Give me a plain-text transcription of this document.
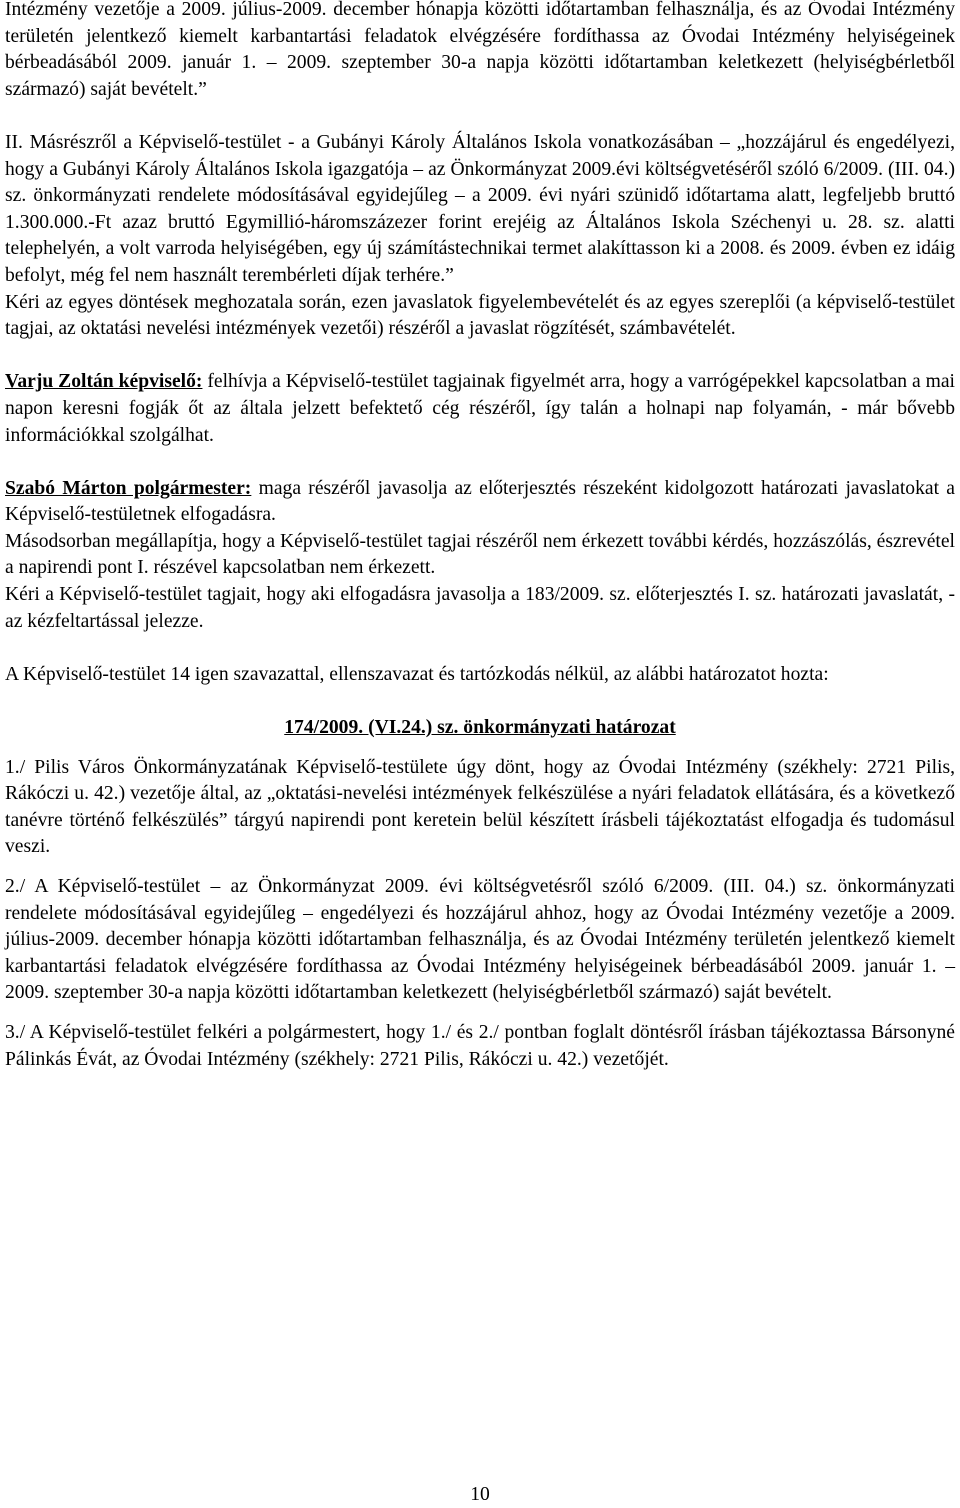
Intézmény vezetője a 2009. július-2009. december hónapja közötti időtartamban felhasználja, és az Óvodai Intézmény területén jelentkező kiemelt karbantartási feladatok elvégzésére fordíthassa az Óvodai Intézmény helyiségeinek bérbeadásából 2009. január 1. – 2009. szeptember 30-a napja közötti időtartamban keletkezett (helyiségbérletből származó) saját bevételt.”

II. Másrészről a Képviselő-testület - a Gubányi Károly Általános Iskola vonatkozásában – „hozzájárul és engedélyezi, hogy a Gubányi Károly Általános Iskola igazgatója – az Önkormányzat 2009.évi költségvetéséről szóló 6/2009. (III. 04.) sz. önkormányzati rendelete módosításával egyidejűleg – a 2009. évi nyári szünidő időtartama alatt, legfeljebb bruttó 1.300.000.-Ft azaz bruttó Egymillió-háromszázezer forint erejéig az Általános Iskola Széchenyi u. 28. sz. alatti telephelyén, a volt varroda helyiségében, egy új számítástechnikai termet alakíttasson ki a 2008. és 2009. évben ez idáig befolyt, még fel nem használt terembérleti díjak terhére.”

Kéri az egyes döntések meghozatala során, ezen javaslatok figyelembevételét és az egyes szereplői (a képviselő-testület tagjai, az oktatási nevelési intézmények vezetői) részéről a javaslat rögzítését, számbavételét.

Varju Zoltán képviselő: felhívja a Képviselő-testület tagjainak figyelmét arra, hogy a varrógépekkel kapcsolatban a mai napon keresni fogják őt az általa jelzett befektető cég részéről, így talán a holnapi nap folyamán, - már bővebb információkkal szolgálhat.

Szabó Márton polgármester: maga részéről javasolja az előterjesztés részeként kidolgozott határozati javaslatokat a Képviselő-testületnek elfogadásra.

Másodsorban megállapítja, hogy a Képviselő-testület tagjai részéről nem érkezett további kérdés, hozzászólás, észrevétel a napirendi pont I. részével kapcsolatban nem érkezett.

Kéri a Képviselő-testület tagjait, hogy aki elfogadásra javasolja a 183/2009. sz. előterjesztés I. sz. határozati javaslatát, - az kézfeltartással jelezze.

A Képviselő-testület 14 igen szavazattal, ellenszavazat és tartózkodás nélkül, az alábbi határozatot hozta:

174/2009. (VI.24.) sz. önkormányzati határozat

1./ Pilis Város Önkormányzatának Képviselő-testülete úgy dönt, hogy az Óvodai Intézmény (székhely: 2721 Pilis, Rákóczi u. 42.) vezetője által, az „oktatási-nevelési intézmények felkészülése a nyári feladatok ellátására, és a következő tanévre történő felkészülés” tárgyú napirendi pont keretein belül készített írásbeli tájékoztatást elfogadja és tudomásul veszi.

2./ A Képviselő-testület – az Önkormányzat 2009. évi költségvetésről szóló 6/2009. (III. 04.) sz. önkormányzati rendelete módosításával egyidejűleg – engedélyezi és hozzájárul ahhoz, hogy az Óvodai Intézmény vezetője a 2009. július-2009. december hónapja közötti időtartamban felhasználja, és az Óvodai Intézmény területén jelentkező kiemelt karbantartási feladatok elvégzésére fordíthassa az Óvodai Intézmény helyiségeinek bérbeadásából 2009. január 1. – 2009. szeptember 30-a napja közötti időtartamban keletkezett (helyiségbérletből származó) saját bevételt.

3./ A Képviselő-testület felkéri a polgármestert, hogy 1./ és 2./ pontban foglalt döntésről írásban tájékoztassa Bársonyné Pálinkás Évát, az Óvodai Intézmény (székhely: 2721 Pilis, Rákóczi u. 42.) vezetőjét.

10
